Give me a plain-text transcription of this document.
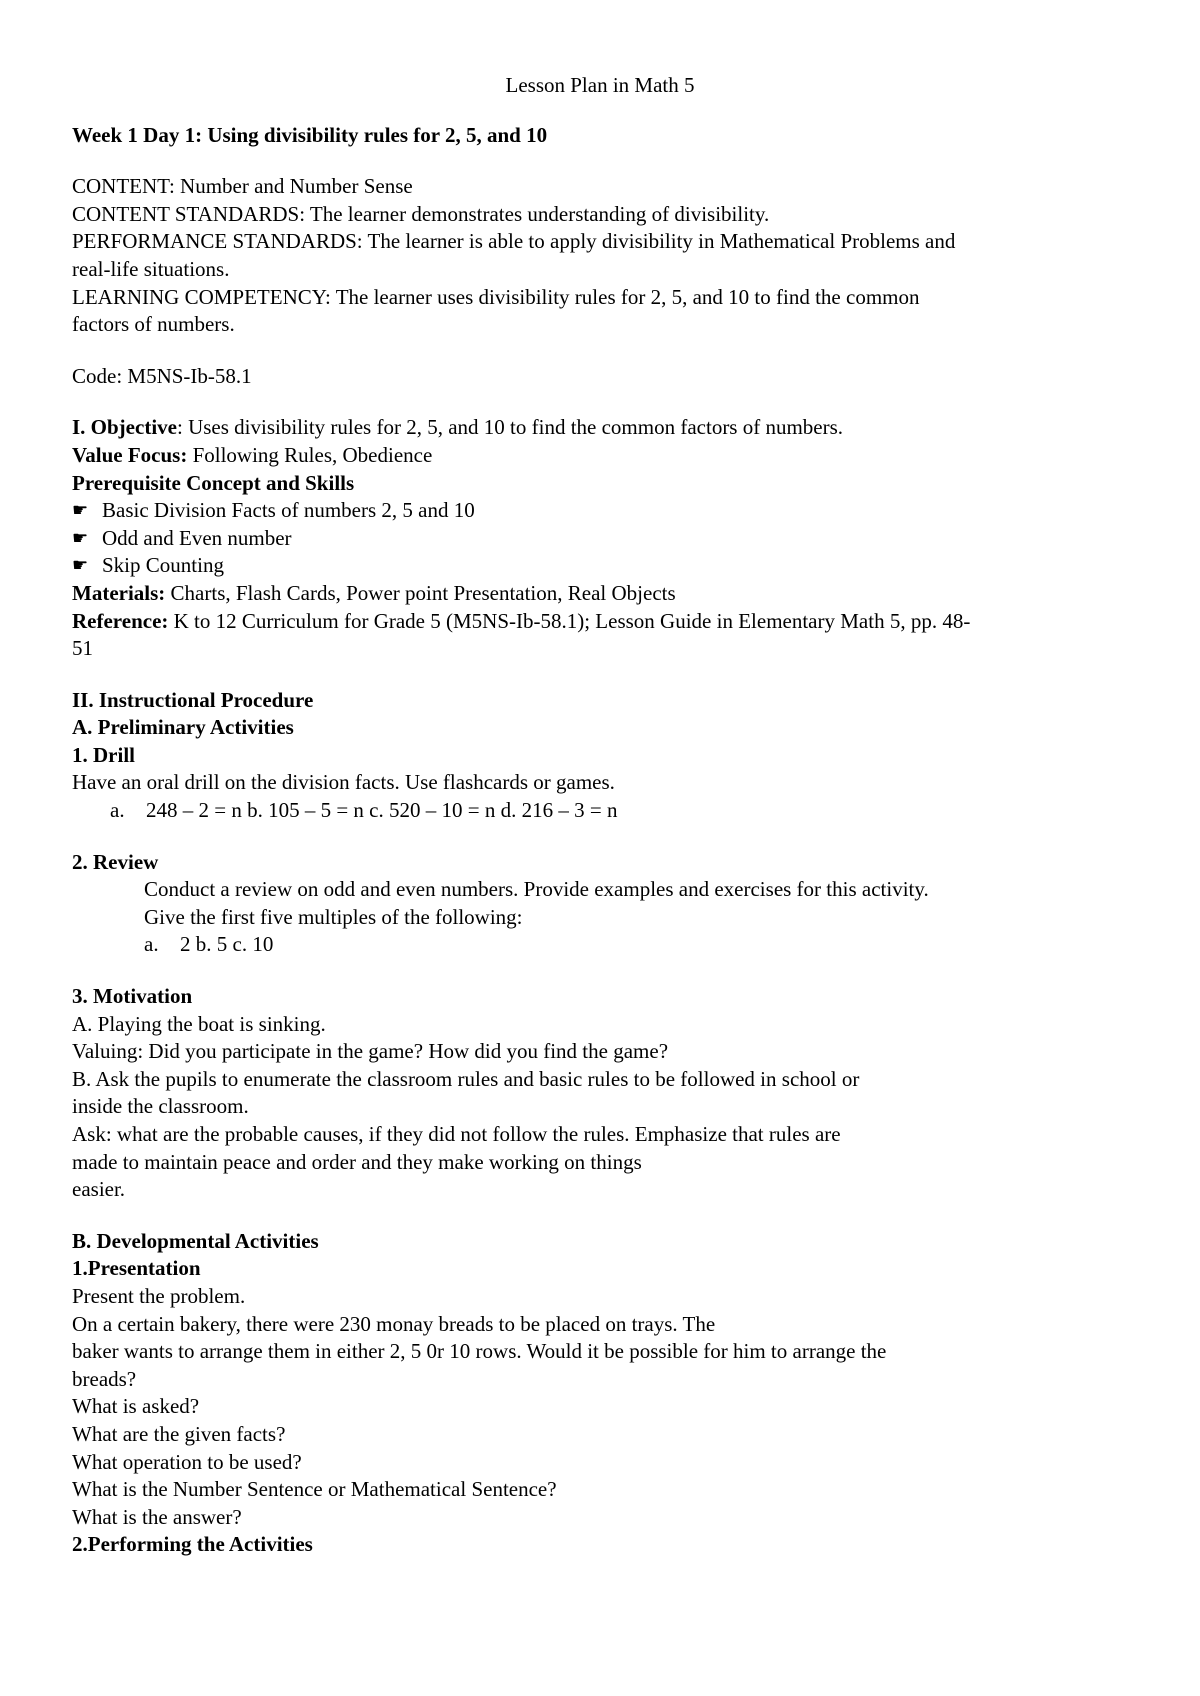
Lesson Plan in Math 5

Week 1 Day 1: Using divisibility rules for 2, 5, and 10

CONTENT: Number and Number Sense

CONTENT STANDARDS: The learner demonstrates understanding of divisibility.

PERFORMANCE STANDARDS: The learner is able to apply divisibility in Mathematical Problems and real-life situations.

LEARNING COMPETENCY: The learner uses divisibility rules for 2, 5, and 10 to find the common factors of numbers.

Code: M5NS-Ib-58.1

I. Objective: Uses divisibility rules for 2, 5, and 10 to find the common factors of numbers.

Value Focus: Following Rules, Obedience

Prerequisite Concept and Skills

☛ Basic Division Facts of numbers 2, 5 and 10
☛ Odd and Even number
☛ Skip Counting

Materials: Charts, Flash Cards, Power point Presentation, Real Objects

Reference: K to 12 Curriculum for Grade 5 (M5NS-Ib-58.1); Lesson Guide in Elementary Math 5, pp. 48-51

II. Instructional Procedure

A. Preliminary Activities

1. Drill

Have an oral drill on the division facts. Use flashcards or games.

a. 248 – 2 = n b. 105 – 5 = n c. 520 – 10 = n d. 216 – 3 = n

2. Review

Conduct a review on odd and even numbers. Provide examples and exercises for this activity.

Give the first five multiples of the following:

a. 2 b. 5 c. 10

3. Motivation

A. Playing the boat is sinking.

Valuing: Did you participate in the game? How did you find the game?

B. Ask the pupils to enumerate the classroom rules and basic rules to be followed in school or inside the classroom.

Ask: what are the probable causes, if they did not follow the rules. Emphasize that rules are made to maintain peace and order and they make working on things

easier.

B. Developmental Activities

1.Presentation

Present the problem.

On a certain bakery, there were 230 monay breads to be placed on trays. The

baker wants to arrange them in either 2, 5 0r 10 rows. Would it be possible for him to arrange the breads?

What is asked?

What are the given facts?

What operation to be used?

What is the Number Sentence or Mathematical Sentence?

What is the answer?

2.Performing the Activities
